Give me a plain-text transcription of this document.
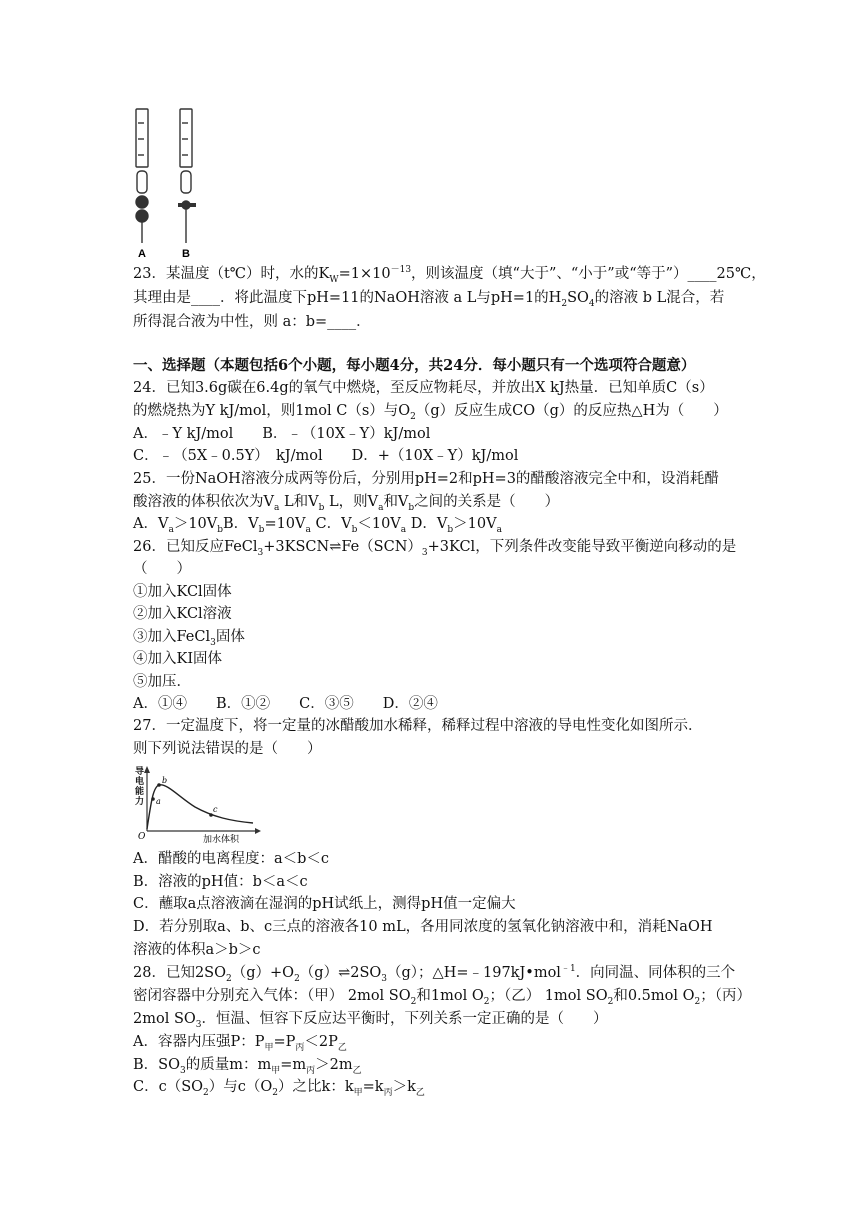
A	B
23．某温度（t℃）时，水的$K_W=1\times 10^{-13}$，则该温度（填“大于”、“小于”或“等于”）____25℃，
其理由是____．将此温度下pH=11的NaOH溶液 a L与pH=1的$H_2SO_4$的溶液 b L混合，若
所得混合液为中性，则 a：b=____．
一、选择题（本题包括6个小题，每小题4分，共24分．每小题只有一个选项符合题意）
24．已知3.6g碳在6.4g的氧气中燃烧，至反应物耗尽，并放出X kJ热量．已知单质C（s）
的燃烧热为Y kJ/mol，则1mol C（s）与$O_2(g)$反应生成CO（g）的反应热△H为（　　）
A．﹣Y kJ/mol　　B．﹣（10X﹣Y）kJ/mol
C．﹣（5X﹣0.5Y）　kJ/mol　　D．+（10X﹣Y）kJ/mol
25．一份NaOH溶液分成两等份后，分别用pH=2和pH=3的醋酸溶液完全中和，设消耗醋
酸溶液的体积依次为$V_a$ L和$V_b$ L，则$V_a$和$V_b$之间的关系是（　　）
A．$V_a>10V_bB$．$V_b=10V_a$ C．$V_b<10V_a$ D．$V_b>10V_a$
26．已知反应$FeCl_3+3KSCN\rightleftharpoons Fe(SCN)_3+3KCl$，下列条件改变能导致平衡逆向移动的是
（　　）
①加入KCl固体
②加入KCl溶液
③加入FeCl$_3$固体
④加入KI固体
⑤加压．
A．①④　　B．①②　　C．③⑤　　D．②④
27．一定温度下，将一定量的冰醋酸加水稀释，稀释过程中溶液的导电性变化如图所示．
则下列说法错误的是（　　）
a
b
c
O	加水体积
导电能力
A．醋酸的电离程度：a＜b＜c
B．溶液的pH值：b＜a＜c
C．蘸取a点溶液滴在湿润的pH试纸上，测得pH值一定偏大
D．若分别取a、b、c三点的溶液各10 mL，各用同浓度的氢氧化钠溶液中和，消耗NaOH
溶液的体积a＞b＞c
28．已知$2SO_2(g)+O_2(g)\rightleftharpoons 2SO_3(g)$；△H=﹣197kJ•mol$^{﹣1}$．向同温、同体积的三个
密闭容器中分别充入气体：（甲） 2mol $SO_2$和1mol $O_2$；（乙） 1mol $SO_2$和0.5mol $O_2$；（丙）
2mol $SO_3$．恒温、恒容下反应达平衡时，下列关系一定正确的是（　　）
A．容器内压强P：$P_甲=P_丙<2P_乙$
B．$SO_3$的质量m：$m_甲=m_丙>2m_乙$
C．$c(SO_2)$与$c(O_2)$之比k：$k_甲=k_丙>k_乙$
